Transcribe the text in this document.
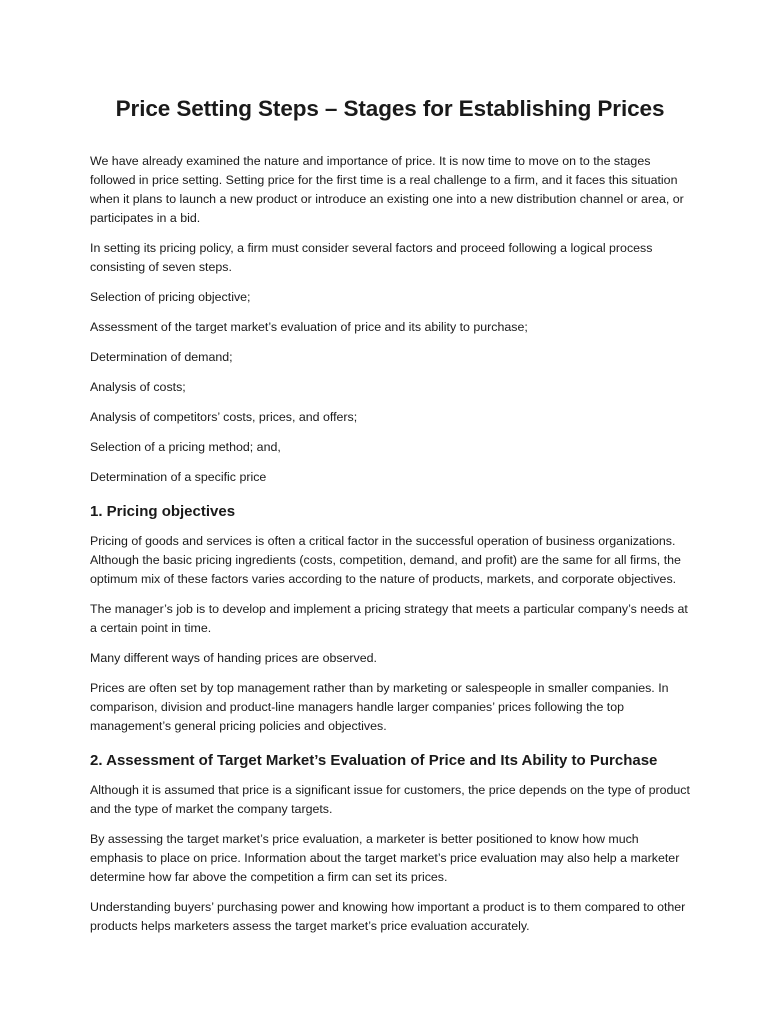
Price Setting Steps – Stages for Establishing Prices

We have already examined the nature and importance of price. It is now time to move on to the stages followed in price setting. Setting price for the first time is a real challenge to a firm, and it faces this situation when it plans to launch a new product or introduce an existing one into a new distribution channel or area, or participates in a bid.

In setting its pricing policy, a firm must consider several factors and proceed following a logical process consisting of seven steps.

Selection of pricing objective;

Assessment of the target market’s evaluation of price and its ability to purchase;

Determination of demand;

Analysis of costs;

Analysis of competitors’ costs, prices, and offers;

Selection of a pricing method; and,

Determination of a specific price

1. Pricing objectives

Pricing of goods and services is often a critical factor in the successful operation of business organizations. Although the basic pricing ingredients (costs, competition, demand, and profit) are the same for all firms, the optimum mix of these factors varies according to the nature of products, markets, and corporate objectives.

The manager’s job is to develop and implement a pricing strategy that meets a particular company’s needs at a certain point in time.

Many different ways of handing prices are observed.

Prices are often set by top management rather than by marketing or salespeople in smaller companies. In comparison, division and product-line managers handle larger companies’ prices following the top management’s general pricing policies and objectives.

2. Assessment of Target Market’s Evaluation of Price and Its Ability to Purchase

Although it is assumed that price is a significant issue for customers, the price depends on the type of product and the type of market the company targets.

By assessing the target market’s price evaluation, a marketer is better positioned to know how much emphasis to place on price. Information about the target market’s price evaluation may also help a marketer determine how far above the competition a firm can set its prices.

Understanding buyers’ purchasing power and knowing how important a product is to them compared to other products helps marketers assess the target market’s price evaluation accurately.
